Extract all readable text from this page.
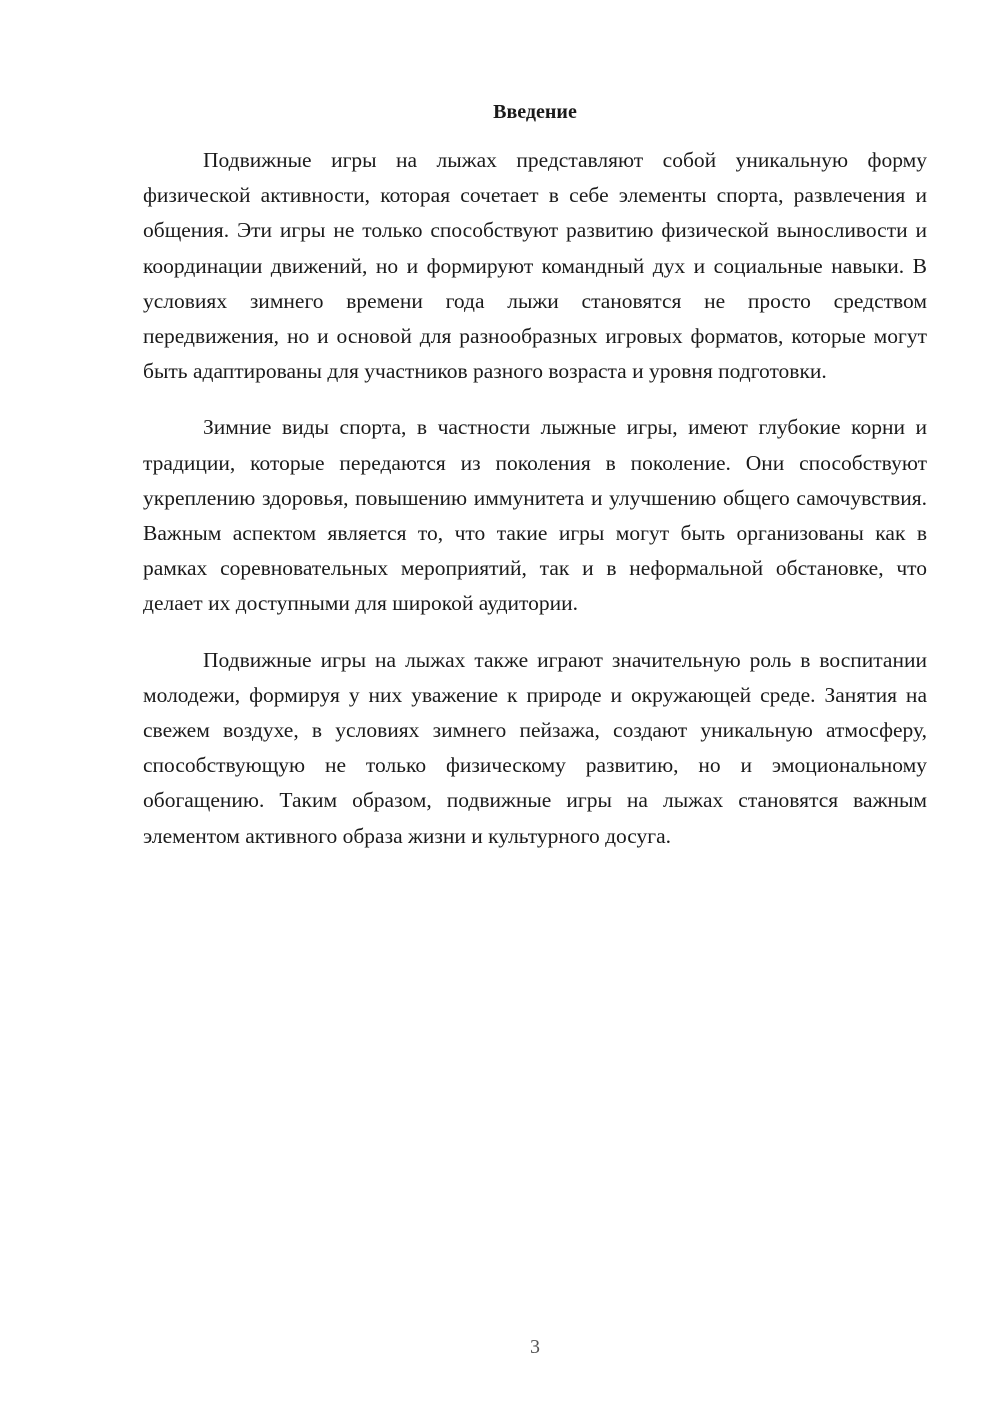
Введение

Подвижные игры на лыжах представляют собой уникальную форму физической активности, которая сочетает в себе элементы спорта, развлечения и общения. Эти игры не только способствуют развитию физической выносливости и координации движений, но и формируют командный дух и социальные навыки. В условиях зимнего времени года лыжи становятся не просто средством передвижения, но и основой для разнообразных игровых форматов, которые могут быть адаптированы для участников разного возраста и уровня подготовки.

Зимние виды спорта, в частности лыжные игры, имеют глубокие корни и традиции, которые передаются из поколения в поколение. Они способствуют укреплению здоровья, повышению иммунитета и улучшению общего самочувствия. Важным аспектом является то, что такие игры могут быть организованы как в рамках соревновательных мероприятий, так и в неформальной обстановке, что делает их доступными для широкой аудитории.

Подвижные игры на лыжах также играют значительную роль в воспитании молодежи, формируя у них уважение к природе и окружающей среде. Занятия на свежем воздухе, в условиях зимнего пейзажа, создают уникальную атмосферу, способствующую не только физическому развитию, но и эмоциональному обогащению. Таким образом, подвижные игры на лыжах становятся важным элементом активного образа жизни и культурного досуга.

3
